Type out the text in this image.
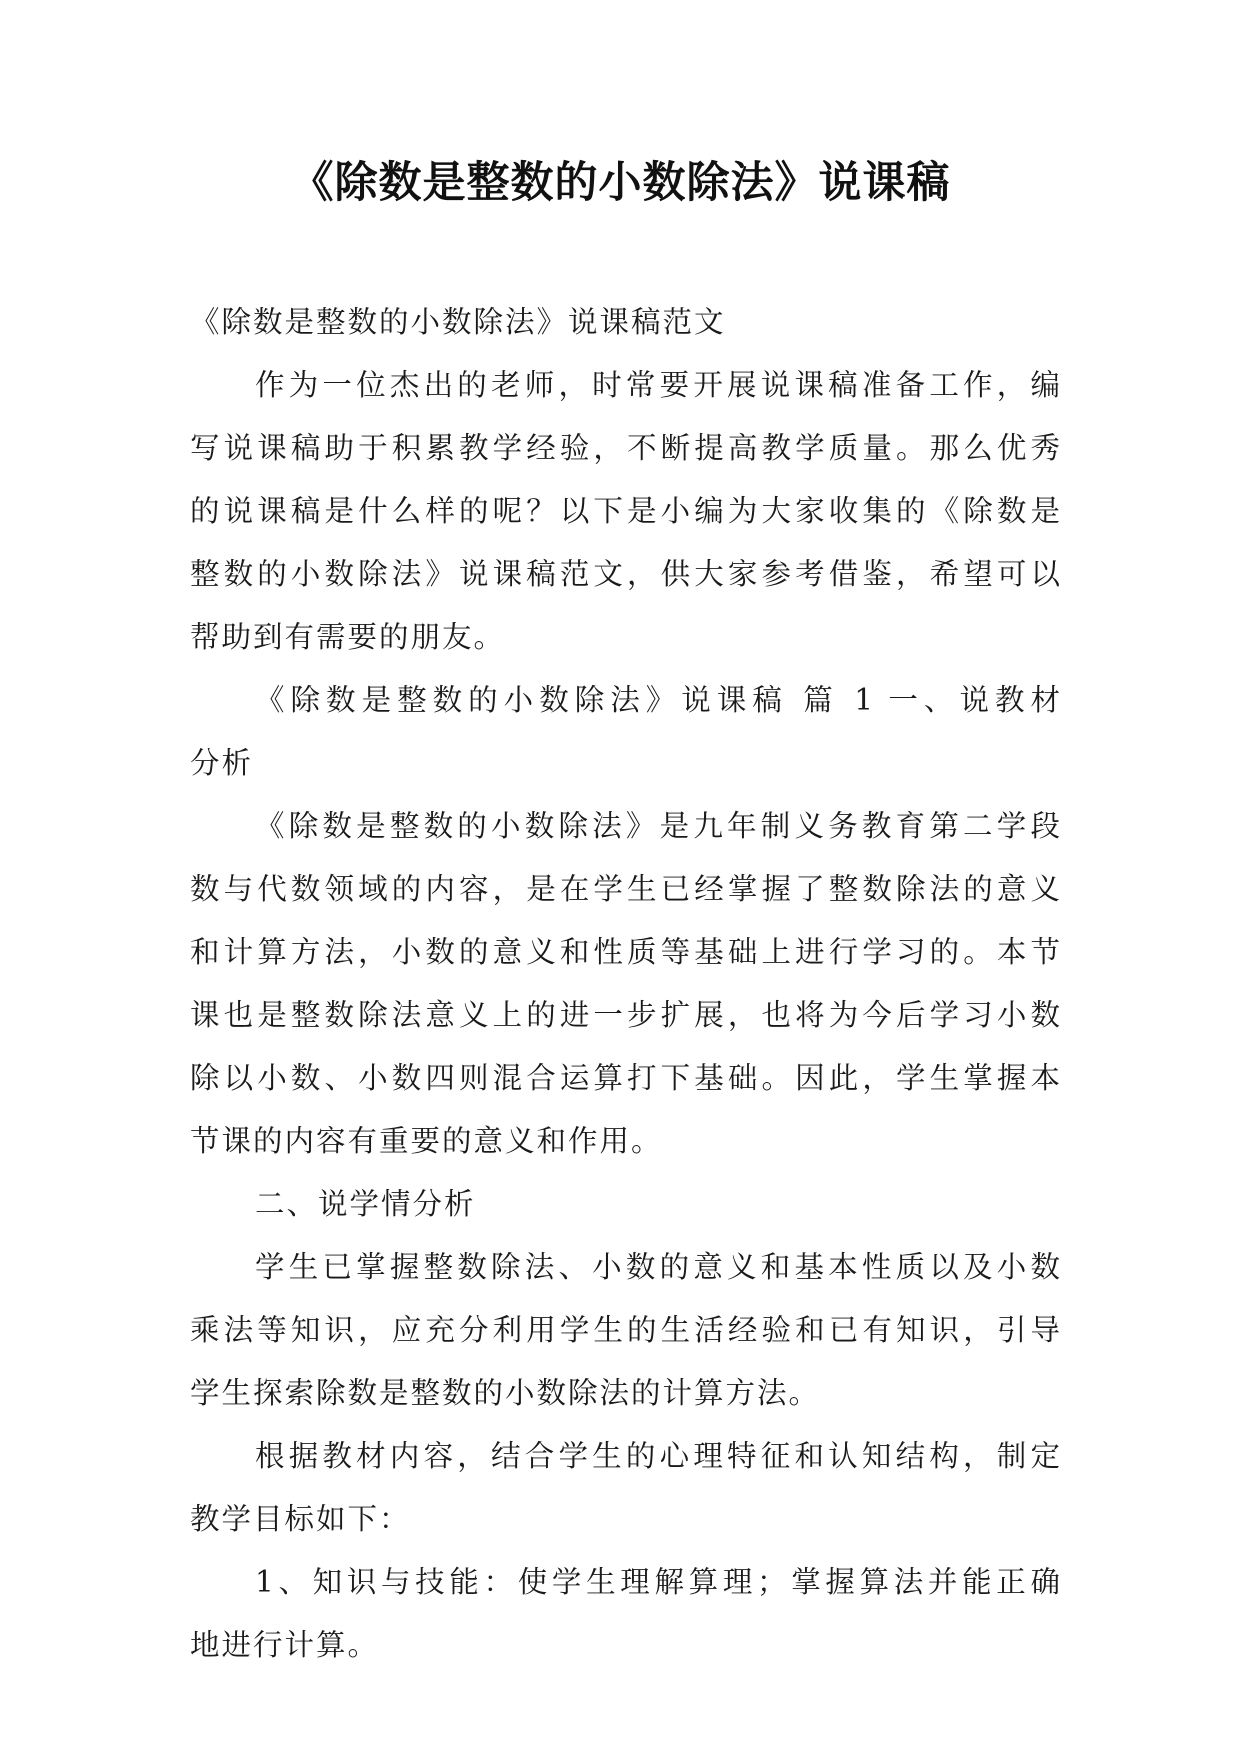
《除数是整数的小数除法》说课稿
《除数是整数的小数除法》说课稿范文
作为一位杰出的老师，时常要开展说课稿准备工作，编
写说课稿助于积累教学经验，不断提高教学质量。那么优秀
的说课稿是什么样的呢？以下是小编为大家收集的《除数是
整数的小数除法》说课稿范文，供大家参考借鉴，希望可以
帮助到有需要的朋友。
《除数是整数的小数除法》说课稿 篇 1 一、说教材
分析
《除数是整数的小数除法》是九年制义务教育第二学段
数与代数领域的内容，是在学生已经掌握了整数除法的意义
和计算方法，小数的意义和性质等基础上进行学习的。本节
课也是整数除法意义上的进一步扩展，也将为今后学习小数
除以小数、小数四则混合运算打下基础。因此，学生掌握本
节课的内容有重要的意义和作用。
二、说学情分析
学生已掌握整数除法、小数的意义和基本性质以及小数
乘法等知识，应充分利用学生的生活经验和已有知识，引导
学生探索除数是整数的小数除法的计算方法。
根据教材内容，结合学生的心理特征和认知结构，制定
教学目标如下：
1、知识与技能：使学生理解算理；掌握算法并能正确
地进行计算。
